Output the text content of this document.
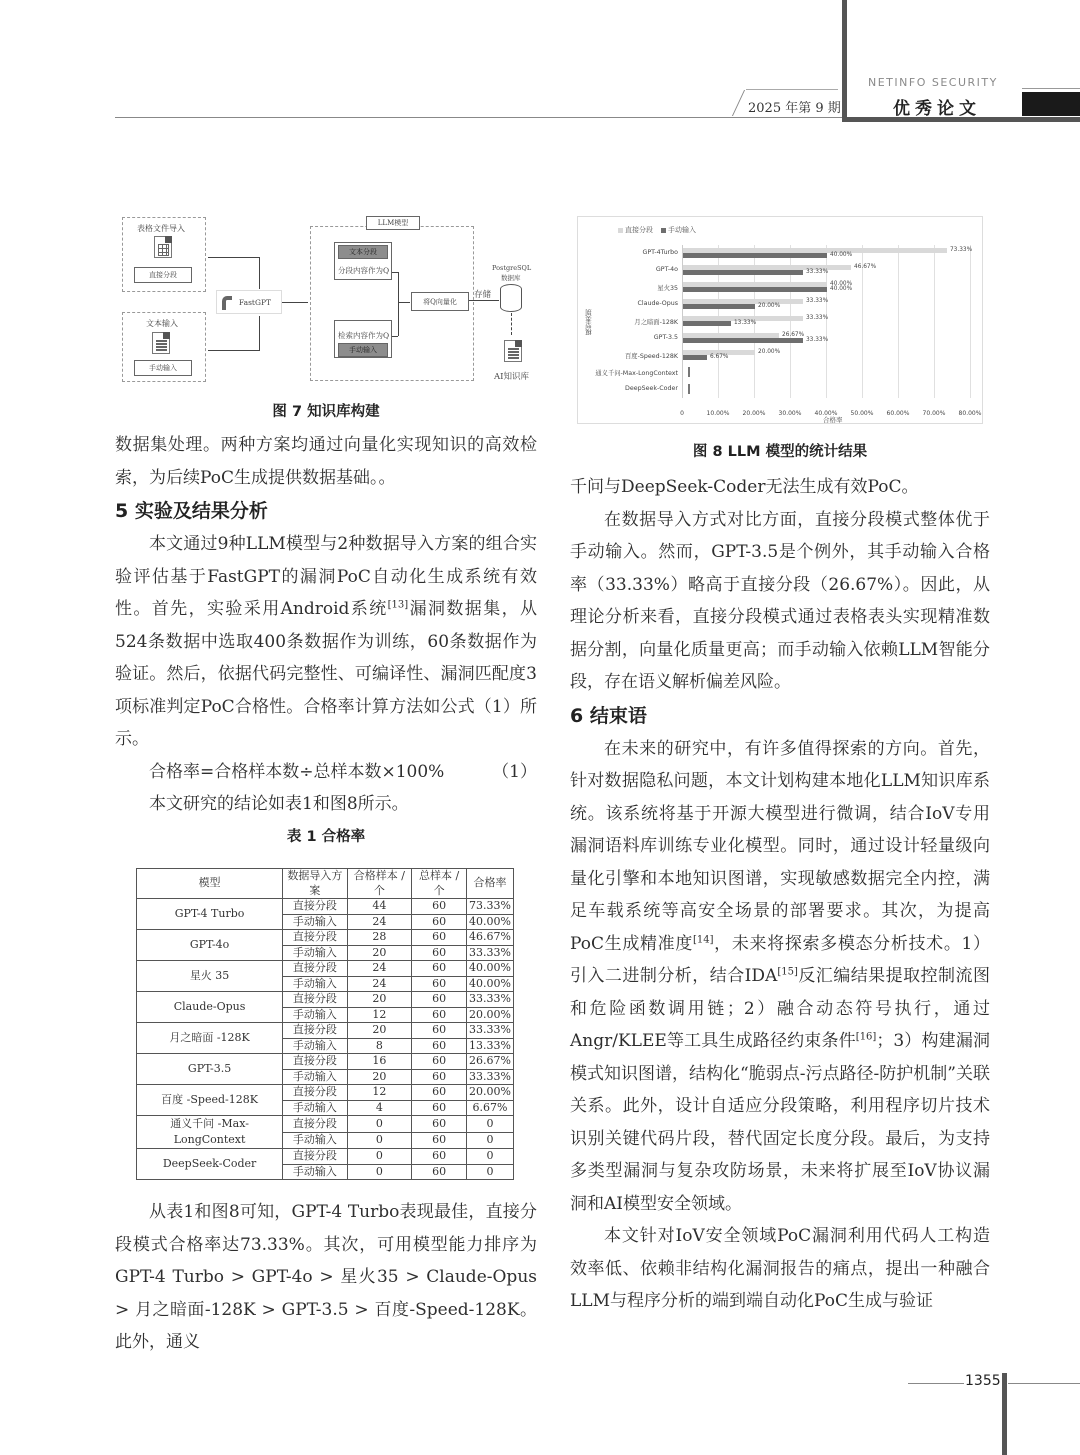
NETINFO SECURITY
2025 年第 9 期	优秀论文
表格文件导入
直接分段
文本输入
手动输入
FastGPT
LLM模型
文本分段
分段内容作为Q
检索内容作为Q
手动输入
将Q向量化
存储
PostgreSQL
数据库
AI知识库
图 7 知识库构建

数据集处理。两种方案均通过向量化实现知识的高效检索，为后续PoC生成提供数据基础。。

5 实验及结果分析

本文通过9种LLM模型与2种数据导入方案的组合实验评估基于FastGPT的漏洞PoC自动化生成系统有效性。首先，实验采用Android系统[13]漏洞数据集，从524条数据中选取400条数据作为训练，60条数据作为验证。然后，依据代码完整性、可编译性、漏洞匹配度3项标准判定PoC合格性。合格率计算方法如公式（1）所示。

合格率=合格样本数÷总样本数×100%	（1）

本文研究的结论如表1和图8所示。

表 1 合格率

模型	数据导入方案	合格样本 / 个	总样本 / 个	合格率
GPT-4 Turbo	直接分段	44	60	73.33%
	手动输入	24	60	40.00%
GPT-4o	直接分段	28	60	46.67%
	手动输入	20	60	33.33%
星火 35	直接分段	24	60	40.00%
	手动输入	24	60	40.00%
Claude-Opus	直接分段	20	60	33.33%
	手动输入	12	60	20.00%
月之暗面 -128K	直接分段	20	60	33.33%
	手动输入	8	60	13.33%
GPT-3.5	直接分段	16	60	26.67%
	手动输入	20	60	33.33%
百度 -Speed-128K	直接分段	12	60	20.00%
	手动输入	4	60	6.67%
通义千问 -Max-LongContext	直接分段	0	60	0
	手动输入	0	60	0
DeepSeek-Coder	直接分段	0	60	0
	手动输入	0	60	0

从表1和图8可知，GPT-4 Turbo表现最佳，直接分段模式合格率达73.33%。其次，可用模型能力排序为GPT-4 Turbo > GPT-4o > 星火35 > Claude-Opus > 月之暗面-128K > GPT-3.5 > 百度-Speed-128K。此外，通义

直接分段	手动输入
模型类别
0	10.00% 20.00% 30.00% 40.00% 50.00% 60.00% 70.00% 80.00%
GPT-4Turbo	73.33%
40.00%
GPT-4o	46.67%
33.33%
星火35
40.00%
40.00%
Claude-Opus	33.33%
20.00%
月之暗面-128K
33.33%
13.33%
GPT-3.5	26.67%
33.33%
百度-Speed-128K
20.00%
6.67%
通义千问-Max-LongContext
DeepSeek-Coder
合格率
图 8 LLM 模型的统计结果

千问与DeepSeek-Coder无法生成有效PoC。

在数据导入方式对比方面，直接分段模式整体优于手动输入。然而，GPT-3.5是个例外，其手动输入合格率（33.33%）略高于直接分段（26.67%）。因此，从理论分析来看，直接分段模式通过表格表头实现精准数据分割，向量化质量更高；而手动输入依赖LLM智能分段，存在语义解析偏差风险。

6 结束语

在未来的研究中，有许多值得探索的方向。首先，针对数据隐私问题，本文计划构建本地化LLM知识库系统。该系统将基于开源大模型进行微调，结合IoV专用漏洞语料库训练专业化模型。同时，通过设计轻量级向量化引擎和本地知识图谱，实现敏感数据完全内控，满足车载系统等高安全场景的部署要求。其次，为提高PoC生成精准度[14]，未来将探索多模态分析技术。1）引入二进制分析，结合IDA[15]反汇编结果提取控制流图和危险函数调用链；2）融合动态符号执行，通过Angr/KLEE等工具生成路径约束条件[16]；3）构建漏洞模式知识图谱，结构化“脆弱点-污点路径-防护机制”关联关系。此外，设计自适应分段策略，利用程序切片技术识别关键代码片段，替代固定长度分段。最后，为支持多类型漏洞与复杂攻防场景，未来将扩展至IoV协议漏洞和AI模型安全领域。

本文针对IoV安全领域PoC漏洞利用代码人工构造效率低、依赖非结构化漏洞报告的痛点，提出一种融合LLM与程序分析的端到端自动化PoC生成与验证

1355
